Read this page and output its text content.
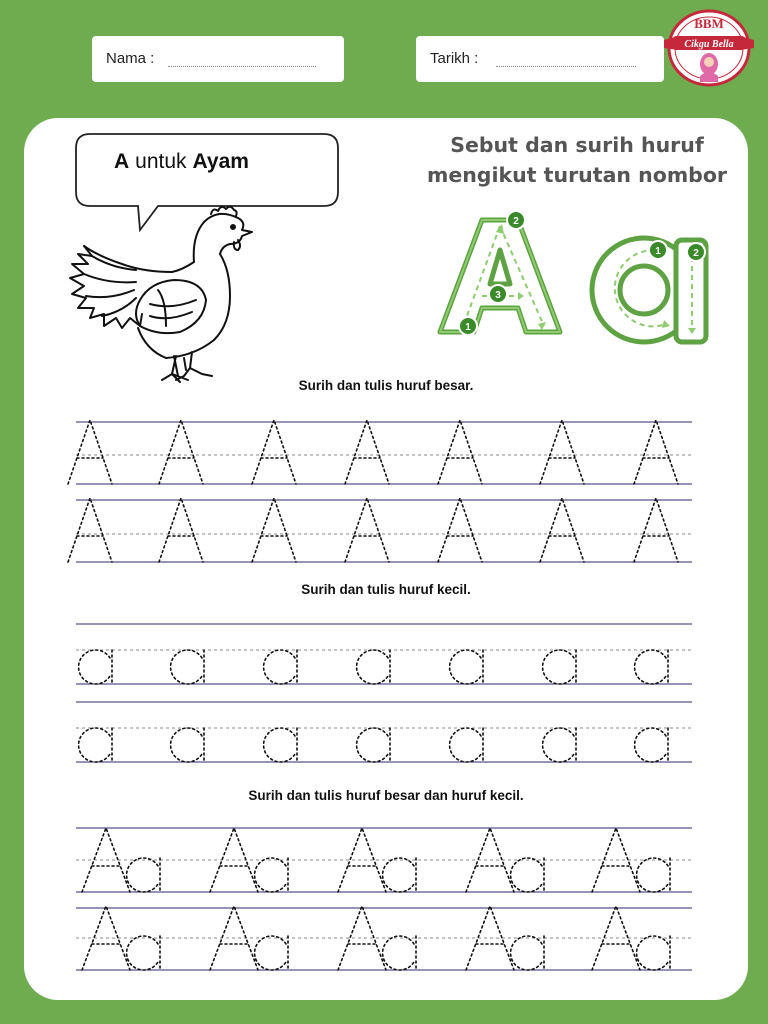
Nama :	Tarikh :
BBM
Cikgu Bella
A untuk Ayam
Sebut dan surih huruf
mengikut turutan nombor
1
2
3
1	2
Surih dan tulis huruf besar.
Surih dan tulis huruf kecil.
Surih dan tulis huruf besar dan huruf kecil.
